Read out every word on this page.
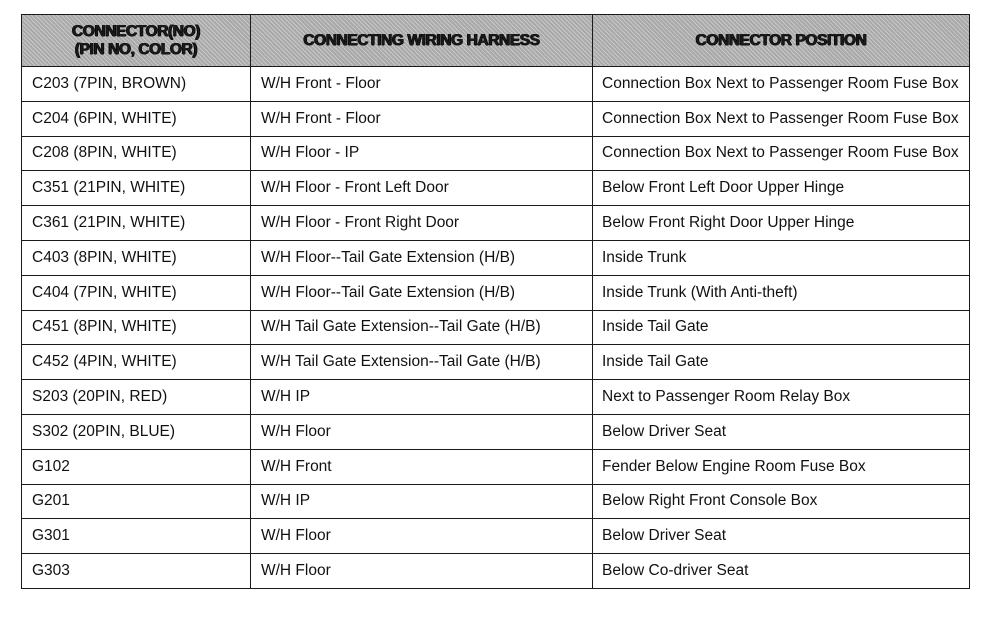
CONNECTOR(NO)
(PIN NO, COLOR)	CONNECTING WIRING HARNESS	CONNECTOR POSITION
C203 (7PIN, BROWN)	W/H Front - Floor	Connection Box Next to Passenger Room Fuse Box
C204 (6PIN, WHITE)	W/H Front - Floor	Connection Box Next to Passenger Room Fuse Box
C208 (8PIN, WHITE)	W/H Floor - IP	Connection Box Next to Passenger Room Fuse Box
C351 (21PIN, WHITE)	W/H Floor - Front Left Door	Below Front Left Door Upper Hinge
C361 (21PIN, WHITE)	W/H Floor - Front Right Door	Below Front Right Door Upper Hinge
C403 (8PIN, WHITE)	W/H Floor--Tail Gate Extension (H/B)	Inside Trunk
C404 (7PIN, WHITE)	W/H Floor--Tail Gate Extension (H/B)	Inside Trunk (With Anti-theft)
C451 (8PIN, WHITE)	W/H Tail Gate Extension--Tail Gate (H/B)	Inside Tail Gate
C452 (4PIN, WHITE)	W/H Tail Gate Extension--Tail Gate (H/B)	Inside Tail Gate
S203 (20PIN, RED)	W/H IP	Next to Passenger Room Relay Box
S302 (20PIN, BLUE)	W/H Floor	Below Driver Seat
G102	W/H Front	Fender Below Engine Room Fuse Box
G201	W/H IP	Below Right Front Console Box
G301	W/H Floor	Below Driver Seat
G303	W/H Floor	Below Co-driver Seat
